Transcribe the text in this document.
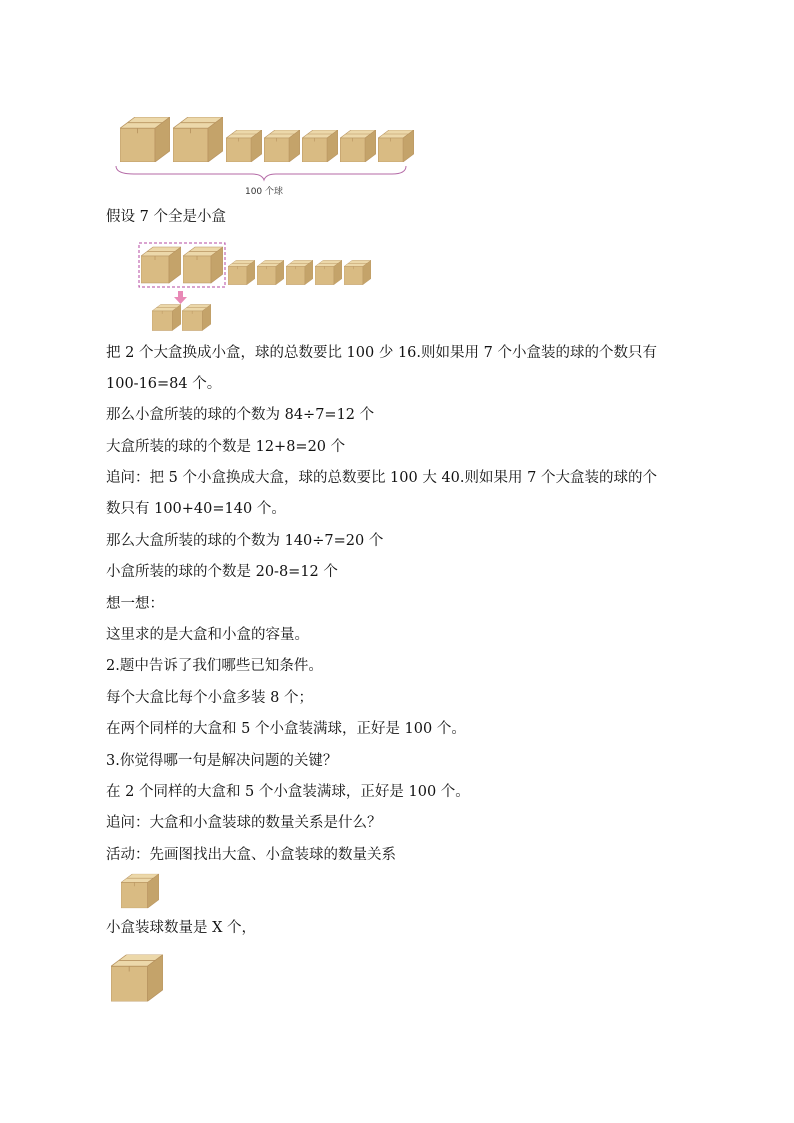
100 个球
假设 7 个全是小盒
把 2 个大盒换成小盒，球的总数要比 100 少 16.则如果用 7 个小盒装的球的个数只有
100-16=84 个。
那么小盒所装的球的个数为 84÷7=12 个
大盒所装的球的个数是 12+8=20 个
追问：把 5 个小盒换成大盒，球的总数要比 100 大 40.则如果用 7 个大盒装的球的个
数只有 100+40=140 个。
那么大盒所装的球的个数为 140÷7=20 个
小盒所装的球的个数是 20-8=12 个
想一想：
这里求的是大盒和小盒的容量。
2.题中告诉了我们哪些已知条件。
每个大盒比每个小盒多装 8 个；
在两个同样的大盒和 5 个小盒装满球，正好是 100 个。
3.你觉得哪一句是解决问题的关键？
在 2 个同样的大盒和 5 个小盒装满球，正好是 100 个。
追问：大盒和小盒装球的数量关系是什么？
活动：先画图找出大盒、小盒装球的数量关系
小盒装球数量是 X 个，
